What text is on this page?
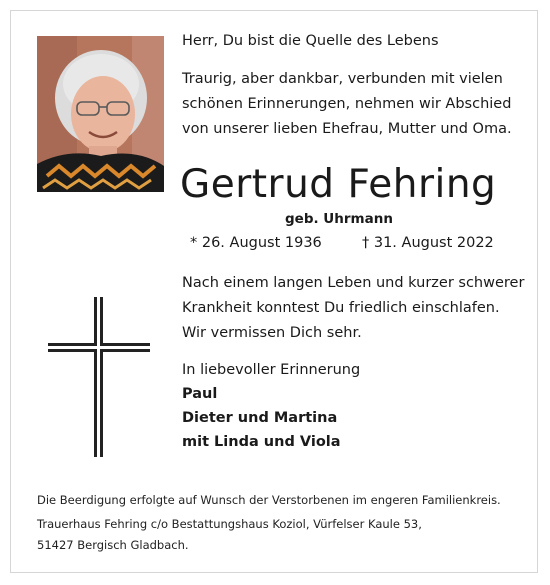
Herr, Du bist die Quelle des Lebens
Traurig, aber dankbar, verbunden mit vielen
schönen Erinnerungen, nehmen wir Abschied
von unserer lieben Ehefrau, Mutter und Oma.
Gertrud Fehring
geb. Uhrmann
* 26. August 1936	† 31. August 2022
Nach einem langen Leben und kurzer schwerer
Krankheit konntest Du friedlich einschlafen.
Wir vermissen Dich sehr.
In liebevoller Erinnerung
Paul
Dieter und Martina
mit Linda und Viola
Die Beerdigung erfolgte auf Wunsch der Verstorbenen im engeren Familienkreis.
Trauerhaus Fehring c/o Bestattungshaus Koziol, Vürfelser Kaule 53,
51427 Bergisch Gladbach.
